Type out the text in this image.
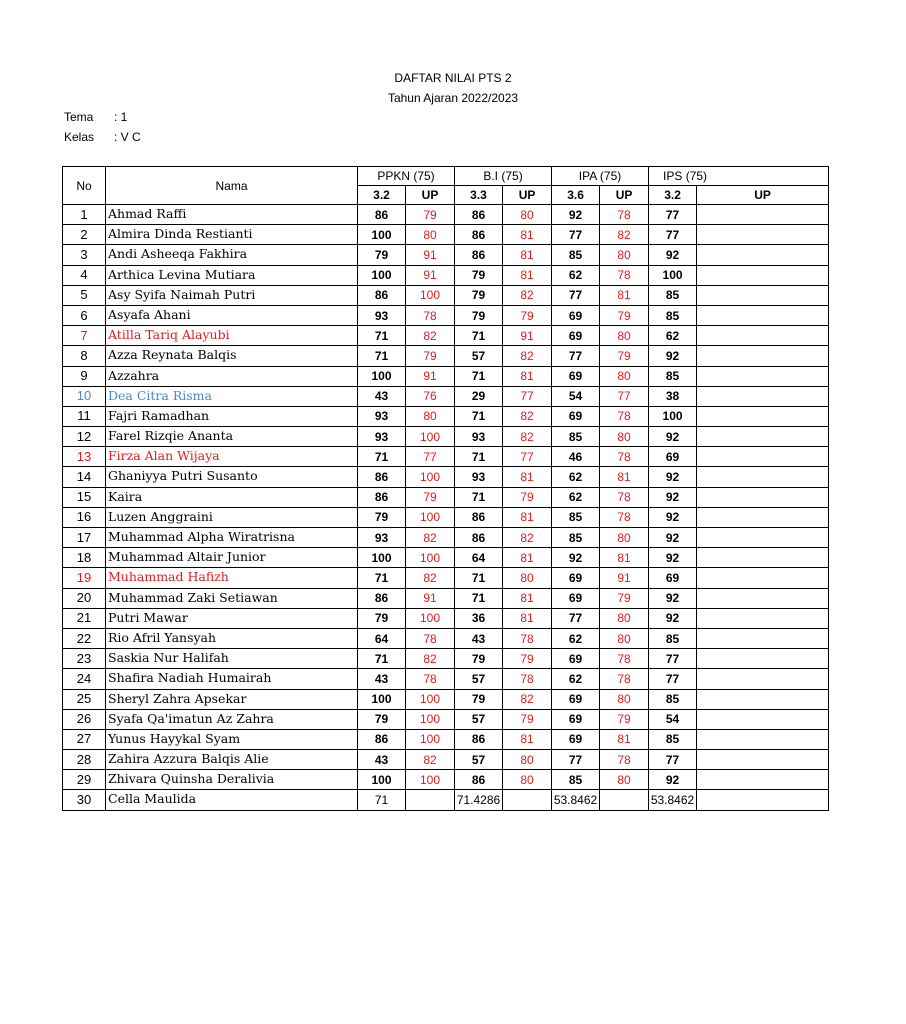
DAFTAR NILAI PTS 2
Tahun Ajaran 2022/2023
Tema : 1
Kelas : V C
No	Nama	PPKN (75)		B.I (75)		IPA (75)		IPS (75)	
		3.2	UP	3.3	UP	3.6	UP	3.2	UP
1	Ahmad Raffi	86	79	86	80	92	78	77	
2	Almira Dinda Restianti	100	80	86	81	77	82	77	
3	Andi Asheeqa Fakhira	79	91	86	81	85	80	92	
4	Arthica Levina Mutiara	100	91	79	81	62	78	100	
5	Asy Syifa Naimah Putri	86	100	79	82	77	81	85	
6	Asyafa Ahani	93	78	79	79	69	79	85	
7	Atilla Tariq Alayubi	71	82	71	91	69	80	62	
8	Azza Reynata Balqis	71	79	57	82	77	79	92	
9	Azzahra	100	91	71	81	69	80	85	
10	Dea Citra Risma	43	76	29	77	54	77	38	
11	Fajri Ramadhan	93	80	71	82	69	78	100	
12	Farel Rizqie Ananta	93	100	93	82	85	80	92	
13	Firza Alan Wijaya	71	77	71	77	46	78	69	
14	Ghaniyya Putri Susanto	86	100	93	81	62	81	92	
15	Kaira	86	79	71	79	62	78	92	
16	Luzen Anggraini	79	100	86	81	85	78	92	
17	Muhammad Alpha Wiratrisna	93	82	86	82	85	80	92	
18	Muhammad Altair Junior	100	100	64	81	92	81	92	
19	Muhammad Hafizh	71	82	71	80	69	91	69	
20	Muhammad Zaki Setiawan	86	91	71	81	69	79	92	
21	Putri Mawar	79	100	36	81	77	80	92	
22	Rio Afril Yansyah	64	78	43	78	62	80	85	
23	Saskia Nur Halifah	71	82	79	79	69	78	77	
24	Shafira Nadiah Humairah	43	78	57	78	62	78	77	
25	Sheryl Zahra Apsekar	100	100	79	82	69	80	85	
26	Syafa Qa'imatun Az Zahra	79	100	57	79	69	79	54	
27	Yunus Hayykal Syam	86	100	86	81	69	81	85	
28	Zahira Azzura Balqis Alie	43	82	57	80	77	78	77	
29	Zhivara Quinsha Deralivia	100	100	86	80	85	80	92	
30	Cella Maulida	71		71.4286		53.8462		53.8462	
